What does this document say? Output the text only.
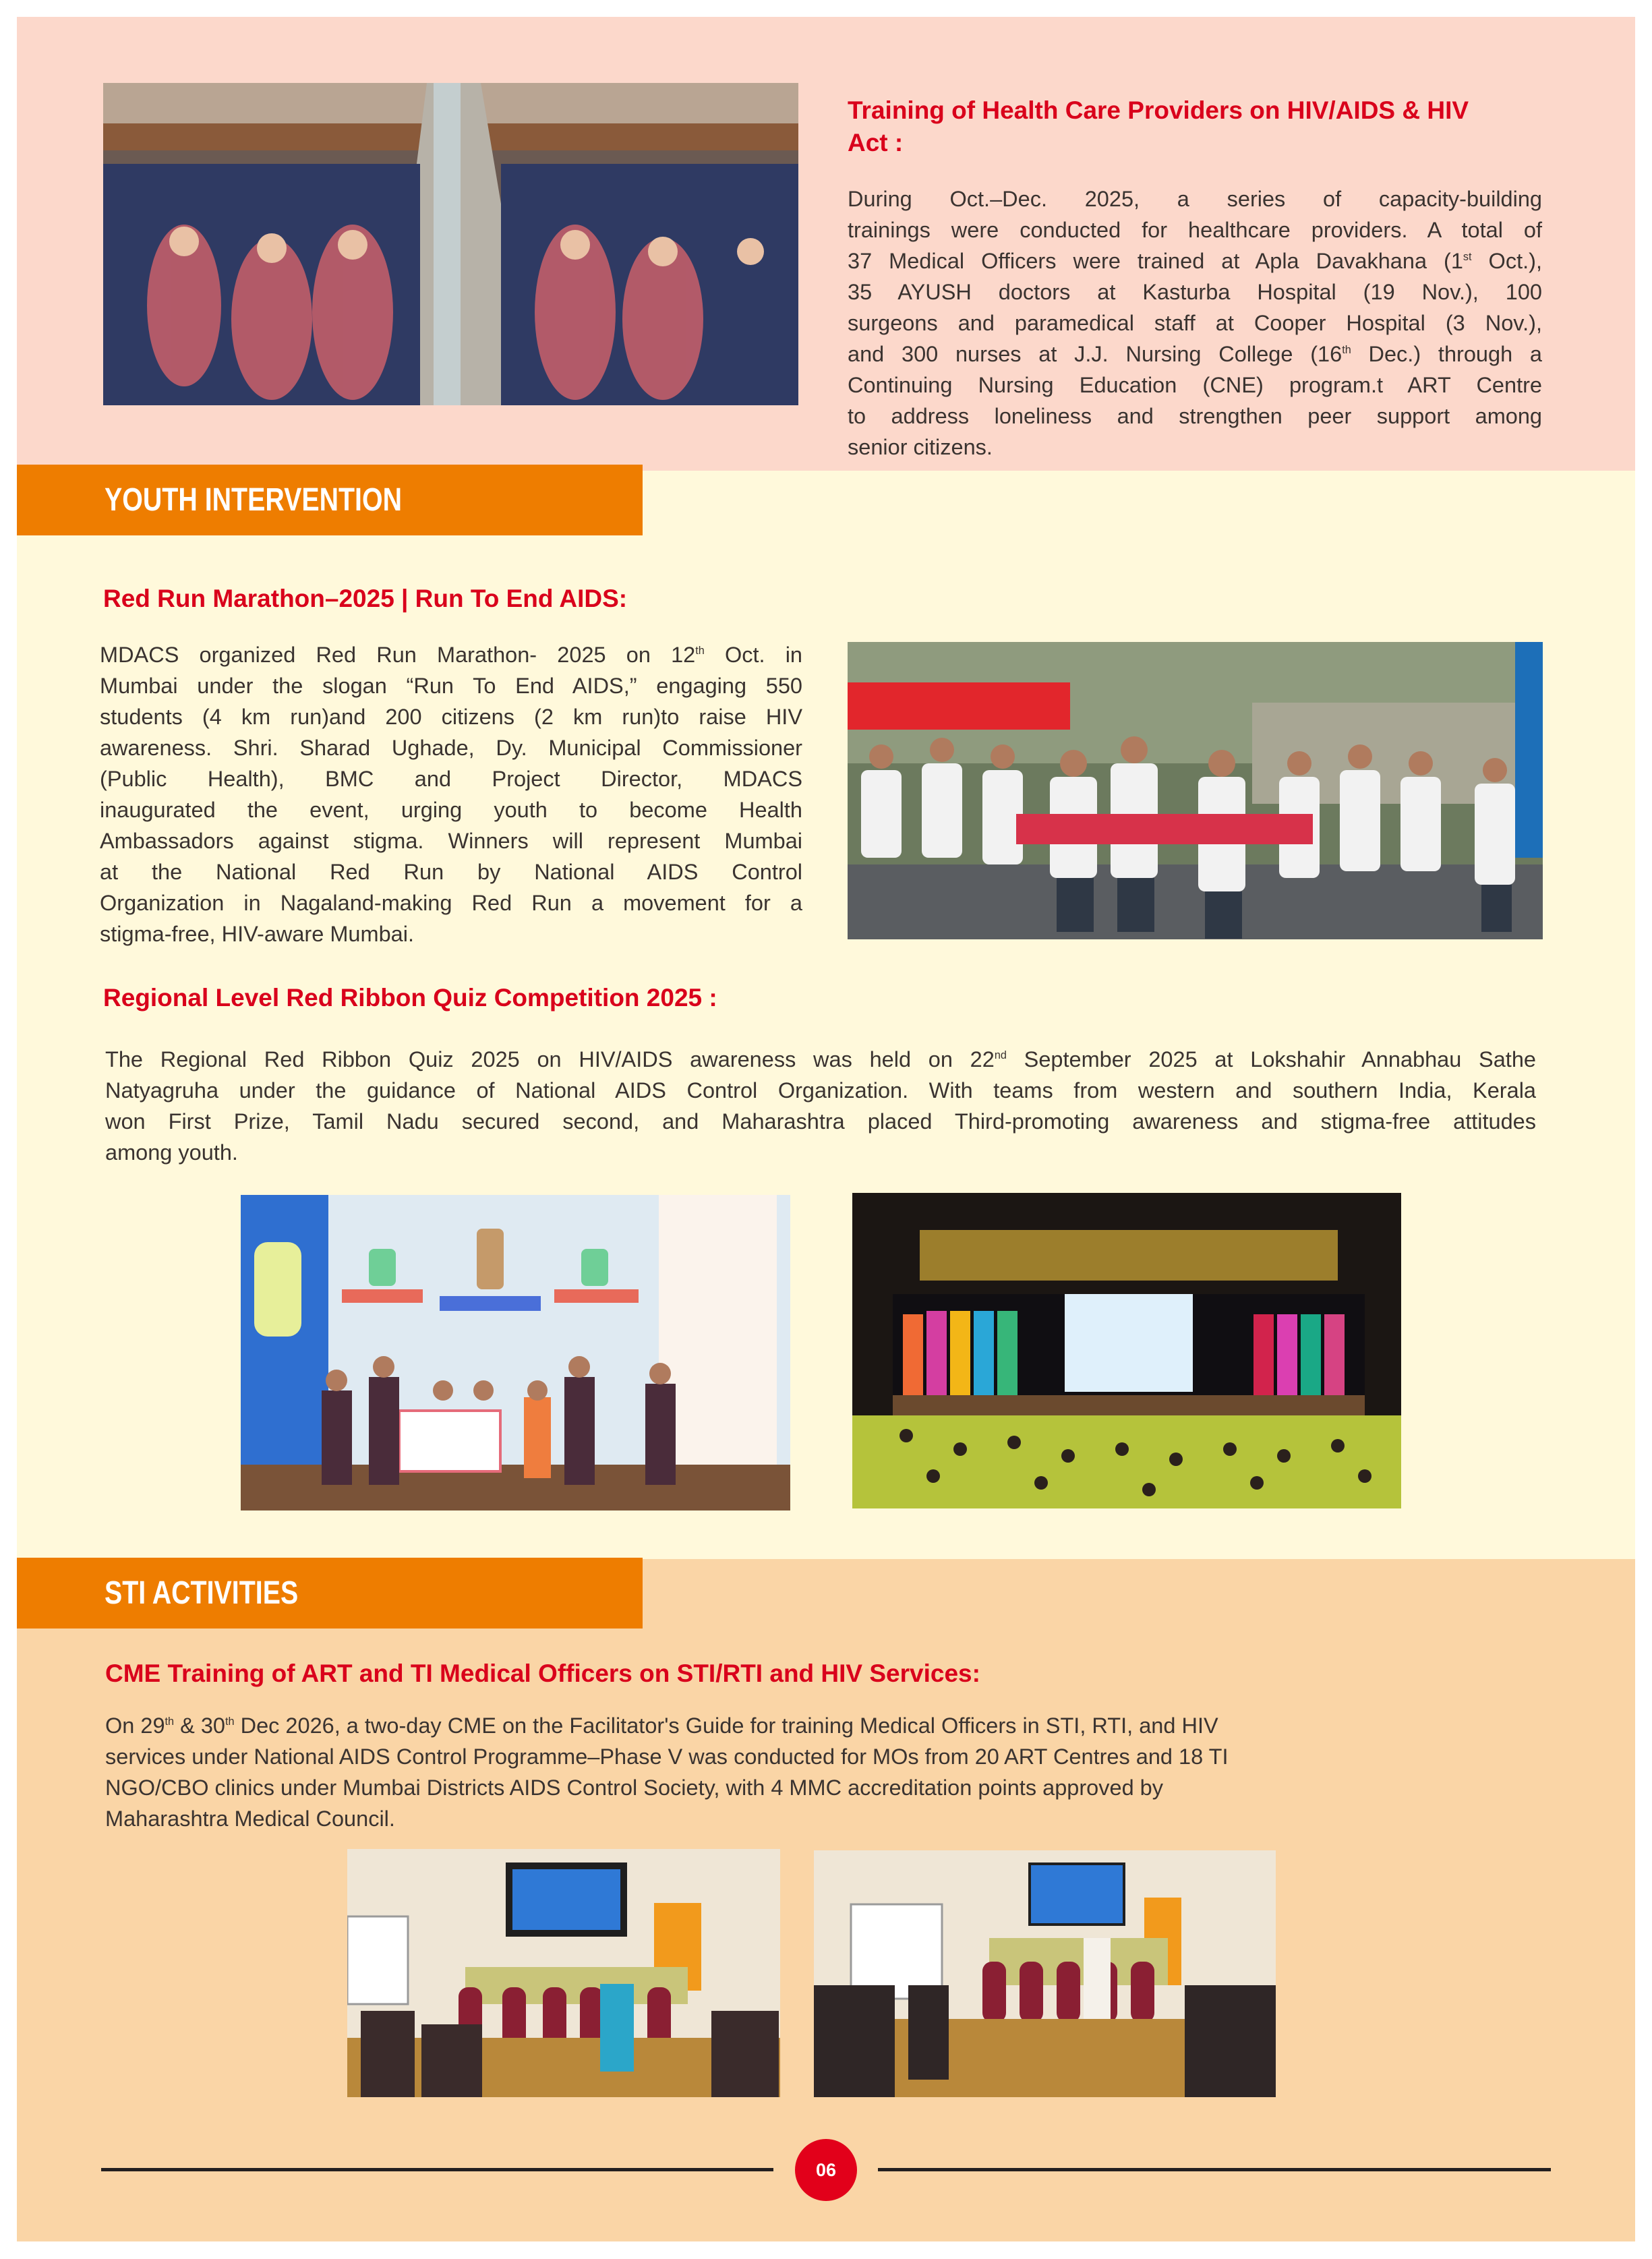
Training of Health Care Providers on HIV/AIDS & HIV
Act :
During Oct.–Dec. 2025, a series of capacity-building
trainings were conducted for healthcare providers. A total of
37 Medical Officers were trained at Apla Davakhana (1st Oct.),
35 AYUSH doctors at Kasturba Hospital (19 Nov.), 100
surgeons and paramedical staff at Cooper Hospital (3 Nov.),
and 300 nurses at J.J. Nursing College (16th Dec.) through a
Continuing Nursing Education (CNE) program.t ART Centre
to address loneliness and strengthen peer support among
senior citizens.
YOUTH INTERVENTION
Red Run Marathon–2025 | Run To End AIDS:
MDACS organized Red Run Marathon- 2025 on 12th Oct. in
Mumbai under the slogan “Run To End AIDS,” engaging 550
students (4 km run)and 200 citizens (2 km run)to raise HIV
awareness. Shri. Sharad Ughade, Dy. Municipal Commissioner
(Public Health), BMC and Project Director, MDACS
inaugurated the event, urging youth to become Health
Ambassadors against stigma. Winners will represent Mumbai
at the National Red Run by National AIDS Control
Organization in Nagaland-making Red Run a movement for a
stigma-free, HIV-aware Mumbai.
Regional Level Red Ribbon Quiz Competition 2025 :
The Regional Red Ribbon Quiz 2025 on HIV/AIDS awareness was held on 22nd September 2025 at Lokshahir Annabhau Sathe
Natyagruha under the guidance of National AIDS Control Organization. With teams from western and southern India, Kerala
won First Prize, Tamil Nadu secured second, and Maharashtra placed Third-promoting awareness and stigma-free attitudes
among youth.
STI ACTIVITIES
CME Training of ART and TI Medical Officers on STI/RTI and HIV Services:
On 29th & 30th Dec 2026, a two-day CME on the Facilitator's Guide for training Medical Officers in STI, RTI, and HIV
services under National AIDS Control Programme–Phase V was conducted for MOs from 20 ART Centres and 18 TI
NGO/CBO clinics under Mumbai Districts AIDS Control Society, with 4 MMC accreditation points approved by
Maharashtra Medical Council.
06
